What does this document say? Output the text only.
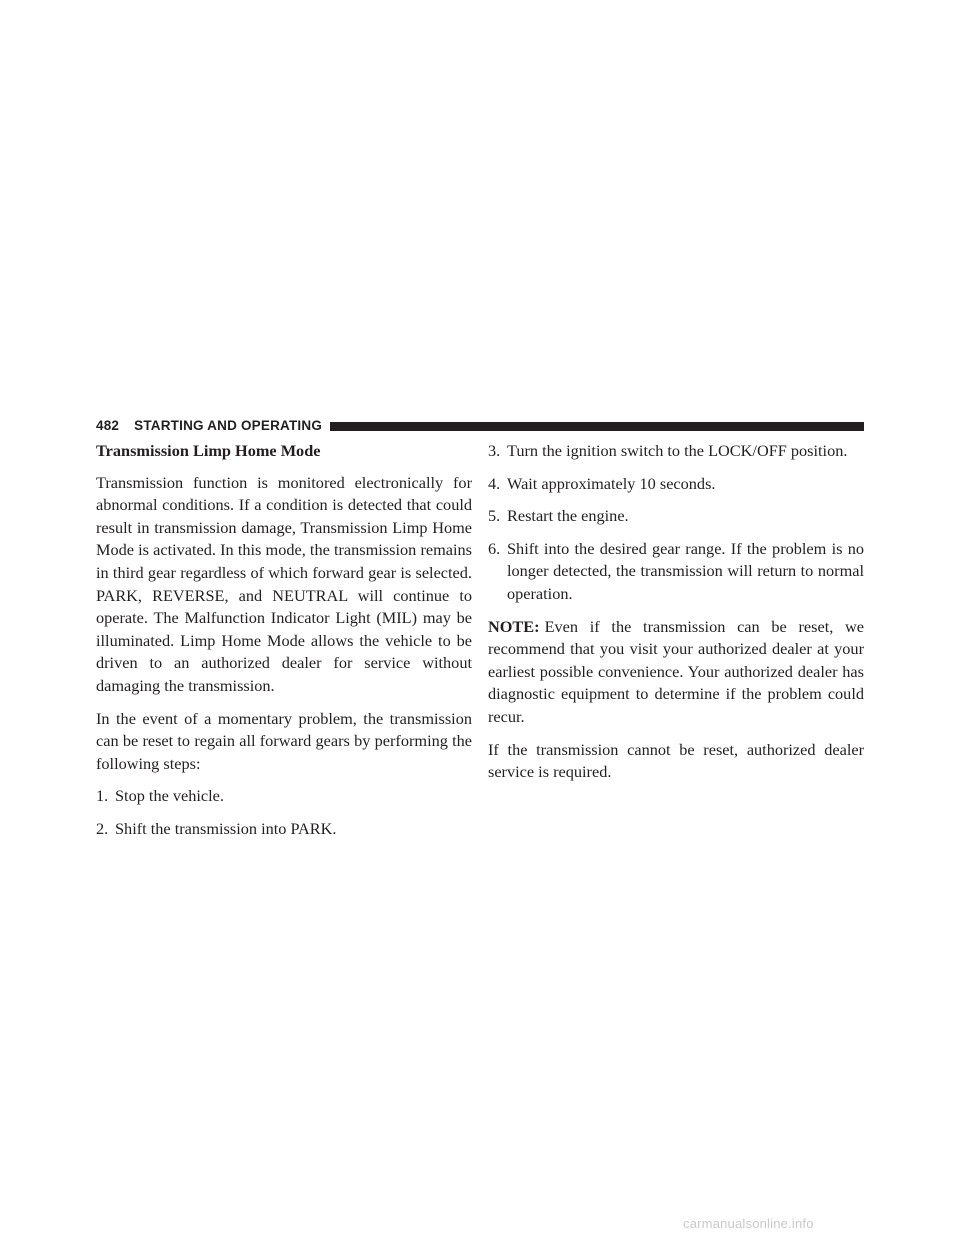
482	STARTING AND OPERATING
Transmission Limp Home Mode

Transmission function is monitored electronically for abnormal conditions. If a condition is detected that could result in transmission damage, Transmission Limp Home Mode is activated. In this mode, the transmission remains in third gear regardless of which forward gear is selected. PARK, REVERSE, and NEUTRAL will continue to operate. The Malfunction Indicator Light (MIL) may be illuminated. Limp Home Mode allows the vehicle to be driven to an authorized dealer for service without damaging the transmission.

In the event of a momentary problem, the transmission can be reset to regain all forward gears by performing the following steps:

1. Stop the vehicle.
2. Shift the transmission into PARK.
3. Turn the ignition switch to the LOCK/OFF position.
4. Wait approximately 10 seconds.
5. Restart the engine.
6. Shift into the desired gear range. If the problem is no longer detected, the transmission will return to normal operation.

NOTE: Even if the transmission can be reset, we recommend that you visit your authorized dealer at your earliest possible convenience. Your authorized dealer has diagnostic equipment to determine if the problem could recur.

If the transmission cannot be reset, authorized dealer service is required.

carmanualsonline.info
